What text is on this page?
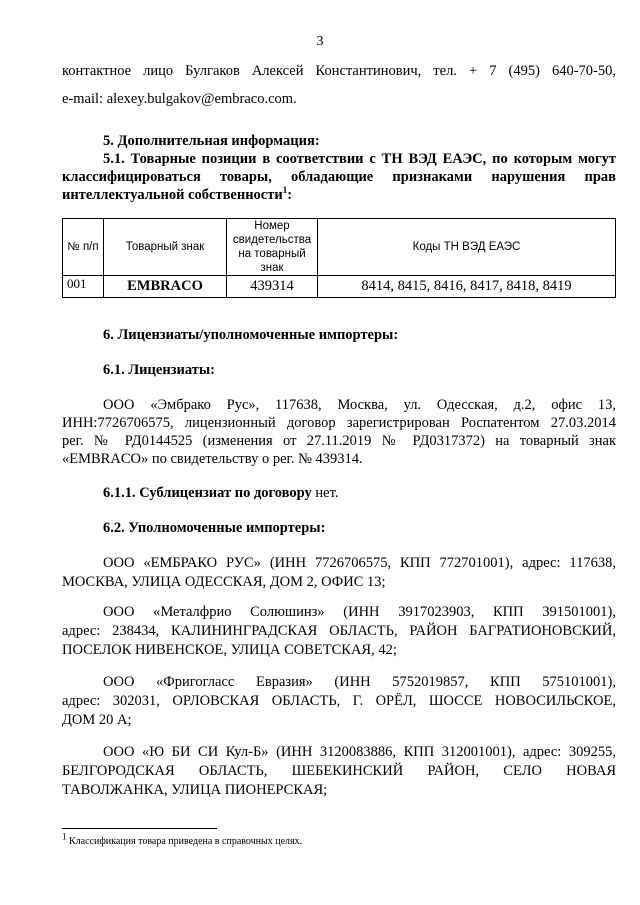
3
контактное лицо Булгаков Алексей Константинович, тел. + 7 (495) 640-70-50,
e-mail: alexey.bulgakov@embraco.com.
5. Дополнительная информация:
5.1. Товарные позиции в соответствии с ТН ВЭД ЕАЭС, по которым могут
классифицироваться товары, обладающие признаками нарушения прав
интеллектуальной собственности$^1$:
№ п/п	Товарный знак	Номер свидетельства на товарный знак	Коды ТН ВЭД ЕАЭС
001	EMBRACO	439314	8414, 8415, 8416, 8417, 8418, 8419
6. Лицензиаты/уполномоченные импортеры:
6.1. Лицензиаты:
ООО «Эмбрако Рус», 117638, Москва, ул. Одесская, д.2, офис 13,
ИНН:7726706575, лицензионный договор зарегистрирован Роспатентом 27.03.2014
рег. № РД0144525 (изменения от 27.11.2019 № РД0317372) на товарный знак
«EMBRACO» по свидетельству о рег. № 439314.
6.1.1. Сублицензиат по договору нет.
6.2. Уполномоченные импортеры:
ООО «ЕМБРАКО РУС» (ИНН 7726706575, КПП 772701001), адрес: 117638,
МОСКВА, УЛИЦА ОДЕССКАЯ, ДОМ 2, ОФИС 13;
ООО «Металфрио Солюшинз» (ИНН 3917023903, КПП 391501001),
адрес: 238434, КАЛИНИНГРАДСКАЯ ОБЛАСТЬ, РАЙОН БАГРАТИОНОВСКИЙ,
ПОСЕЛОК НИВЕНСКОЕ, УЛИЦА СОВЕТСКАЯ, 42;
ООО «Фригогласс Евразия» (ИНН 5752019857, КПП 575101001),
адрес: 302031, ОРЛОВСКАЯ ОБЛАСТЬ, Г. ОРЁЛ, ШОССЕ НОВОСИЛЬСКОЕ,
ДОМ 20 А;
ООО «Ю БИ СИ Кул-Б» (ИНН 3120083886, КПП 312001001), адрес: 309255,
БЕЛГОРОДСКАЯ ОБЛАСТЬ, ШЕБЕКИНСКИЙ РАЙОН, СЕЛО НОВАЯ
ТАВОЛЖАНКА, УЛИЦА ПИОНЕРСКАЯ;
$^1$ Классификация товара приведена в справочных целях.
